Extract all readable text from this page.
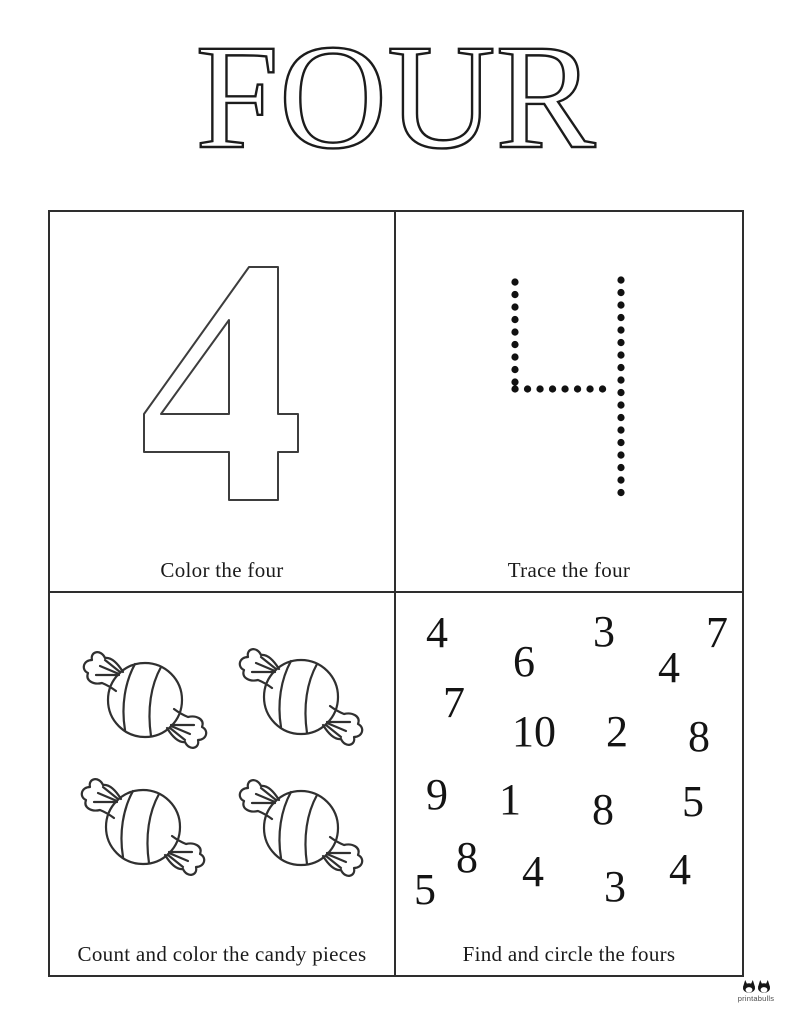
FOUR
Color the four	Trace the four
Count and color the candy pieces
4	3 7
6	4
7
10 2 8
9 1 8 5
8 4 3 4
5
Find and circle the fours
printabulls
